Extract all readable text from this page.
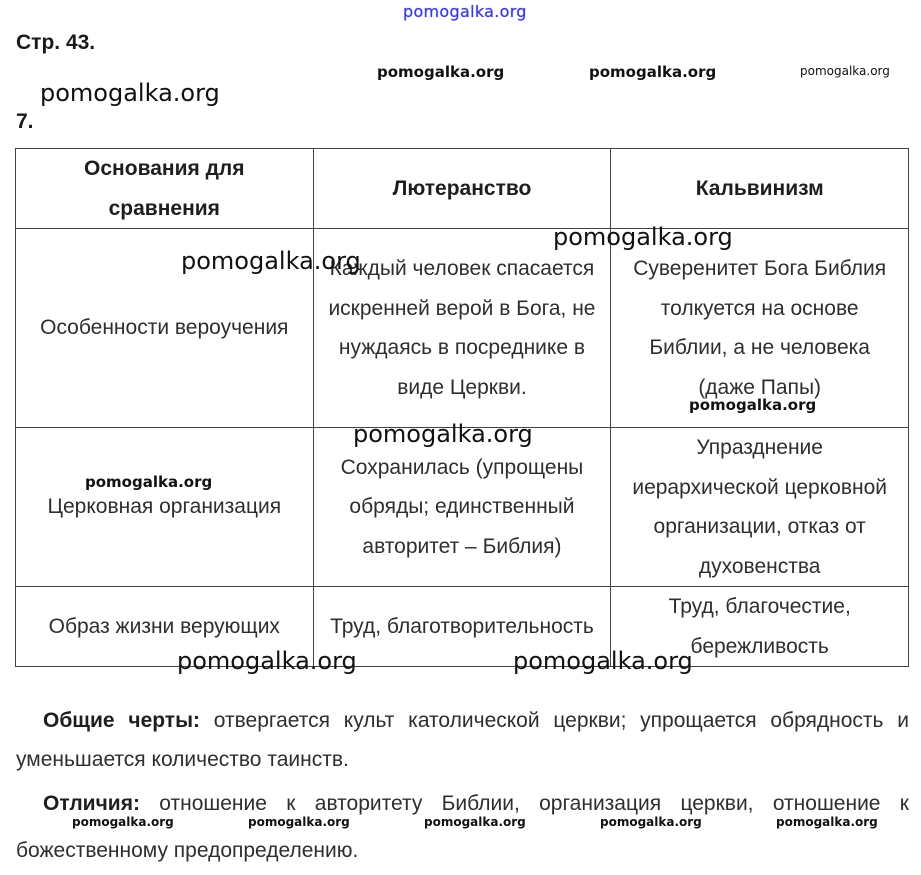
pomogalka.org
Стр. 43.
pomogalka.org	pomogalka.org	pomogalka.org
pomogalka.org
7.
Основания для сравнения	Лютеранство	Кальвинизм
Особенности вероучения	Каждый человек спасается искренней верой в Бога, не нуждаясь в посреднике в виде Церкви.	Суверенитет Бога Библия толкуется на основе Библии, а не человека (даже Папы)
Церковная организация	Сохранилась (упрощены обряды; единственный авторитет – Библия)	Упразднение иерархической церковной организации, отказ от духовенства
Образ жизни верующих	Труд, благотворительность	Труд, благочестие, бережливость
pomogalka.org
pomogalka.org
pomogalka.org
pomogalka.org
pomogalka.org
pomogalka.org	pomogalka.org
Общие черты: отвергается культ католической церкви; упрощается обрядность и уменьшается количество таинств.
Отличия: отношение к авторитету Библии, организация церкви, отношение к божественному предопределению.
pomogalka.org	pomogalka.org	pomogalka.org	pomogalka.org	pomogalka.org
